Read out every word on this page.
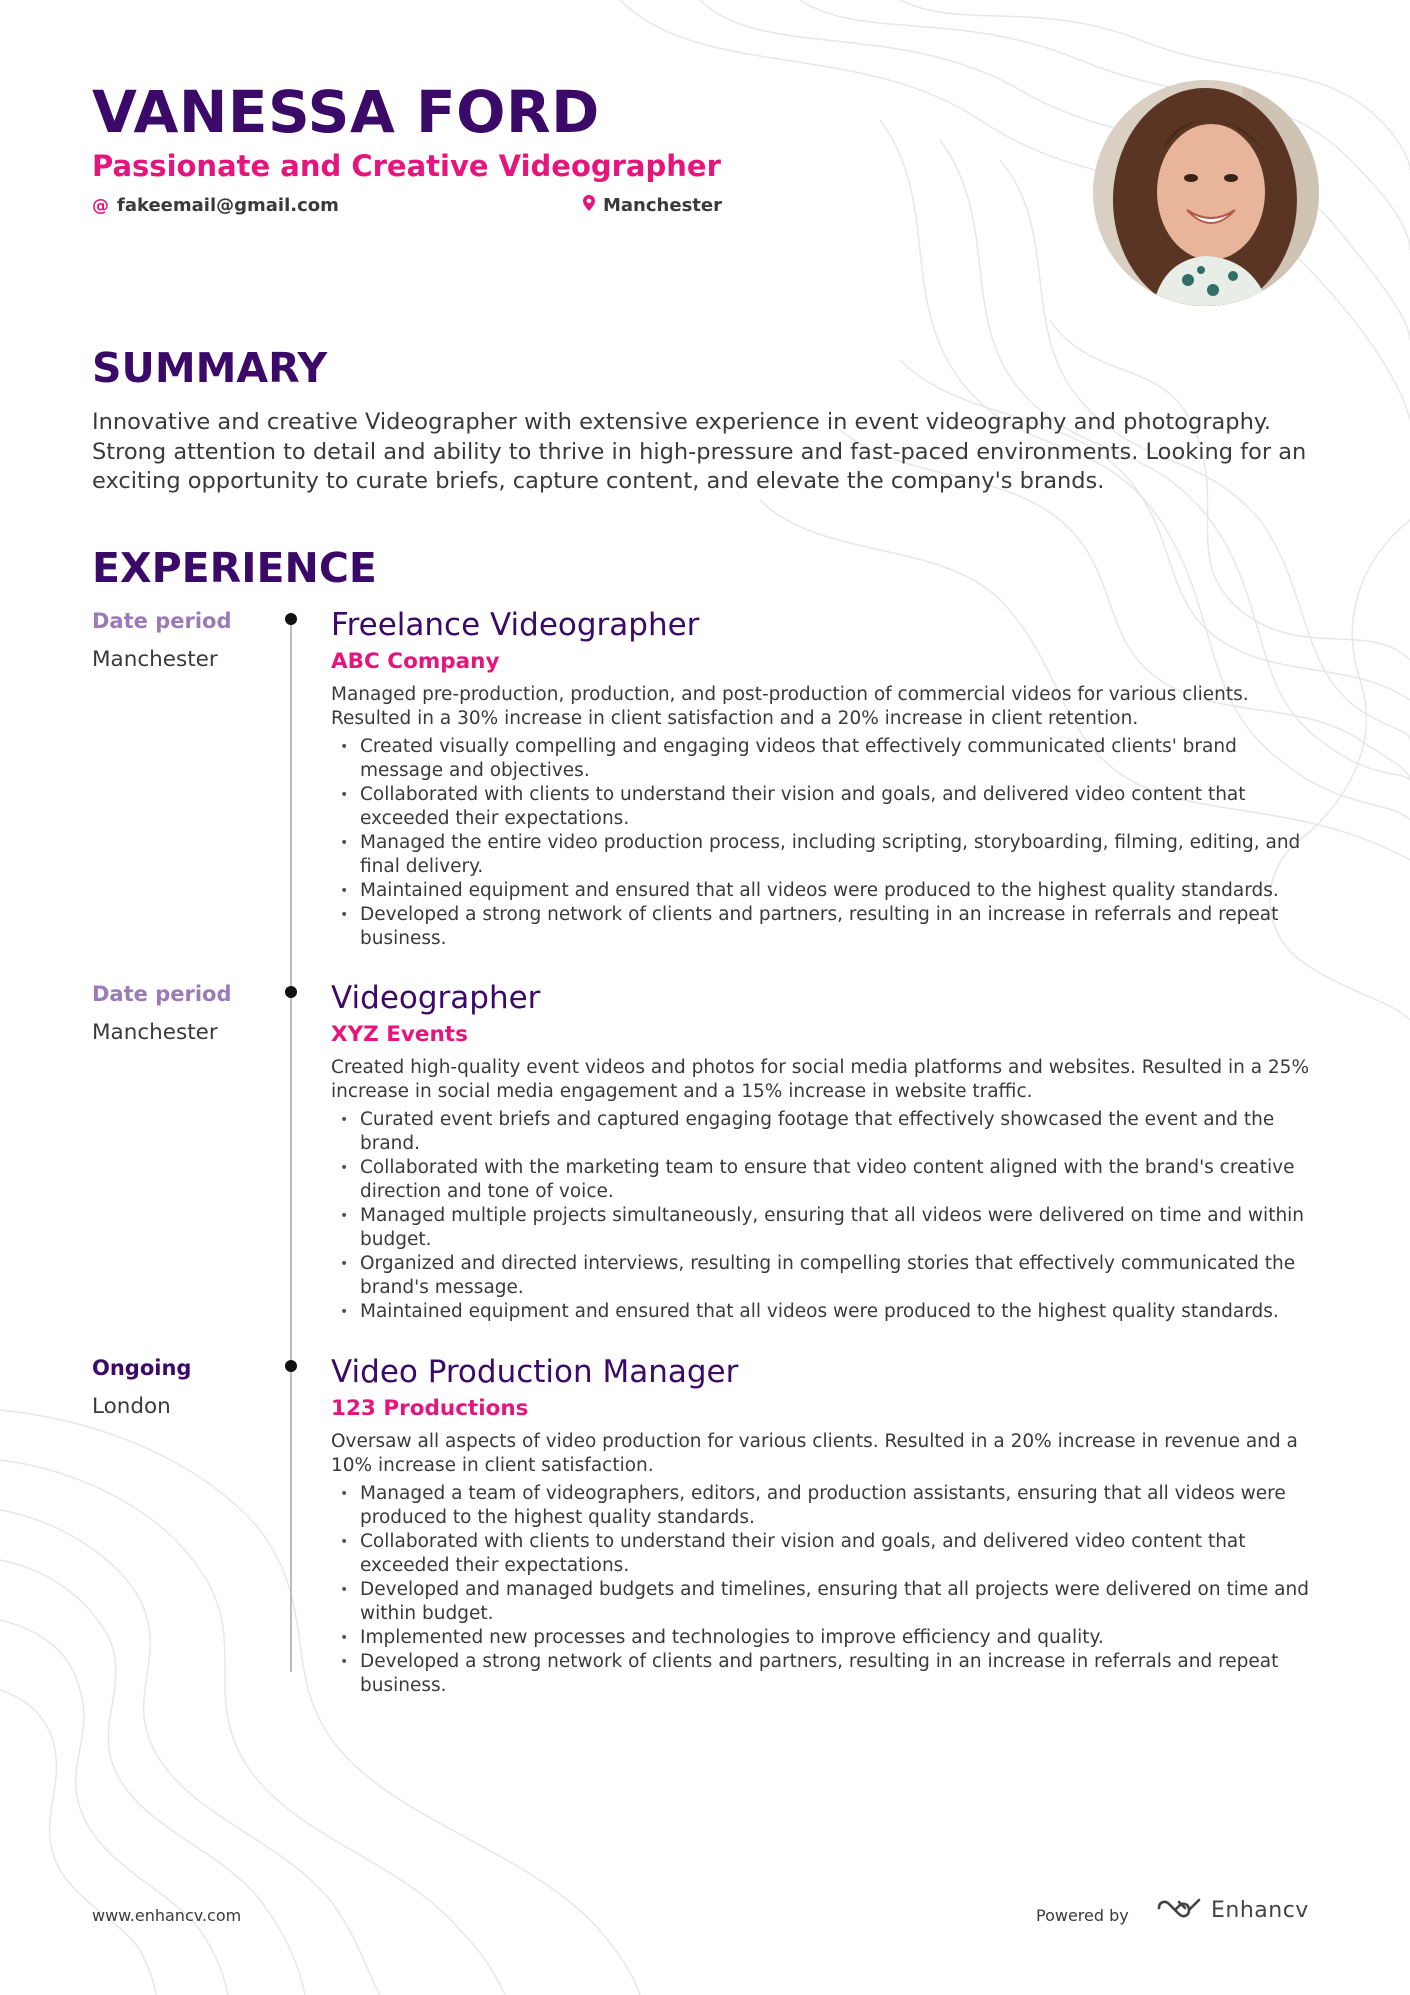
VANESSA FORD
Passionate and Creative Videographer
@ fakeemail@gmail.com	Manchester
SUMMARY

Innovative and creative Videographer with extensive experience in event videography and photography. Strong attention to detail and ability to thrive in high-pressure and fast-paced environments. Looking for an exciting opportunity to curate briefs, capture content, and elevate the company's brands.

EXPERIENCE
Date period
Manchester
Freelance Videographer
ABC Company

Managed pre-production, production, and post-production of commercial videos for various clients. Resulted in a 30% increase in client satisfaction and a 20% increase in client retention.

• Created visually compelling and engaging videos that effectively communicated clients' brand message and objectives.
• Collaborated with clients to understand their vision and goals, and delivered video content that exceeded their expectations.
• Managed the entire video production process, including scripting, storyboarding, filming, editing, and final delivery.
• Maintained equipment and ensured that all videos were produced to the highest quality standards.
• Developed a strong network of clients and partners, resulting in an increase in referrals and repeat business.
Date period
Manchester
Videographer
XYZ Events

Created high-quality event videos and photos for social media platforms and websites. Resulted in a 25% increase in social media engagement and a 15% increase in website traffic.

• Curated event briefs and captured engaging footage that effectively showcased the event and the brand.
• Collaborated with the marketing team to ensure that video content aligned with the brand's creative direction and tone of voice.
• Managed multiple projects simultaneously, ensuring that all videos were delivered on time and within budget.
• Organized and directed interviews, resulting in compelling stories that effectively communicated the brand's message.
• Maintained equipment and ensured that all videos were produced to the highest quality standards.
Ongoing
London
Video Production Manager
123 Productions

Oversaw all aspects of video production for various clients. Resulted in a 20% increase in revenue and a 10% increase in client satisfaction.

• Managed a team of videographers, editors, and production assistants, ensuring that all videos were produced to the highest quality standards.
• Collaborated with clients to understand their vision and goals, and delivered video content that exceeded their expectations.
• Developed and managed budgets and timelines, ensuring that all projects were delivered on time and within budget.
• Implemented new processes and technologies to improve efficiency and quality.
• Developed a strong network of clients and partners, resulting in an increase in referrals and repeat business.
www.enhancv.com	Powered by	Enhancv
